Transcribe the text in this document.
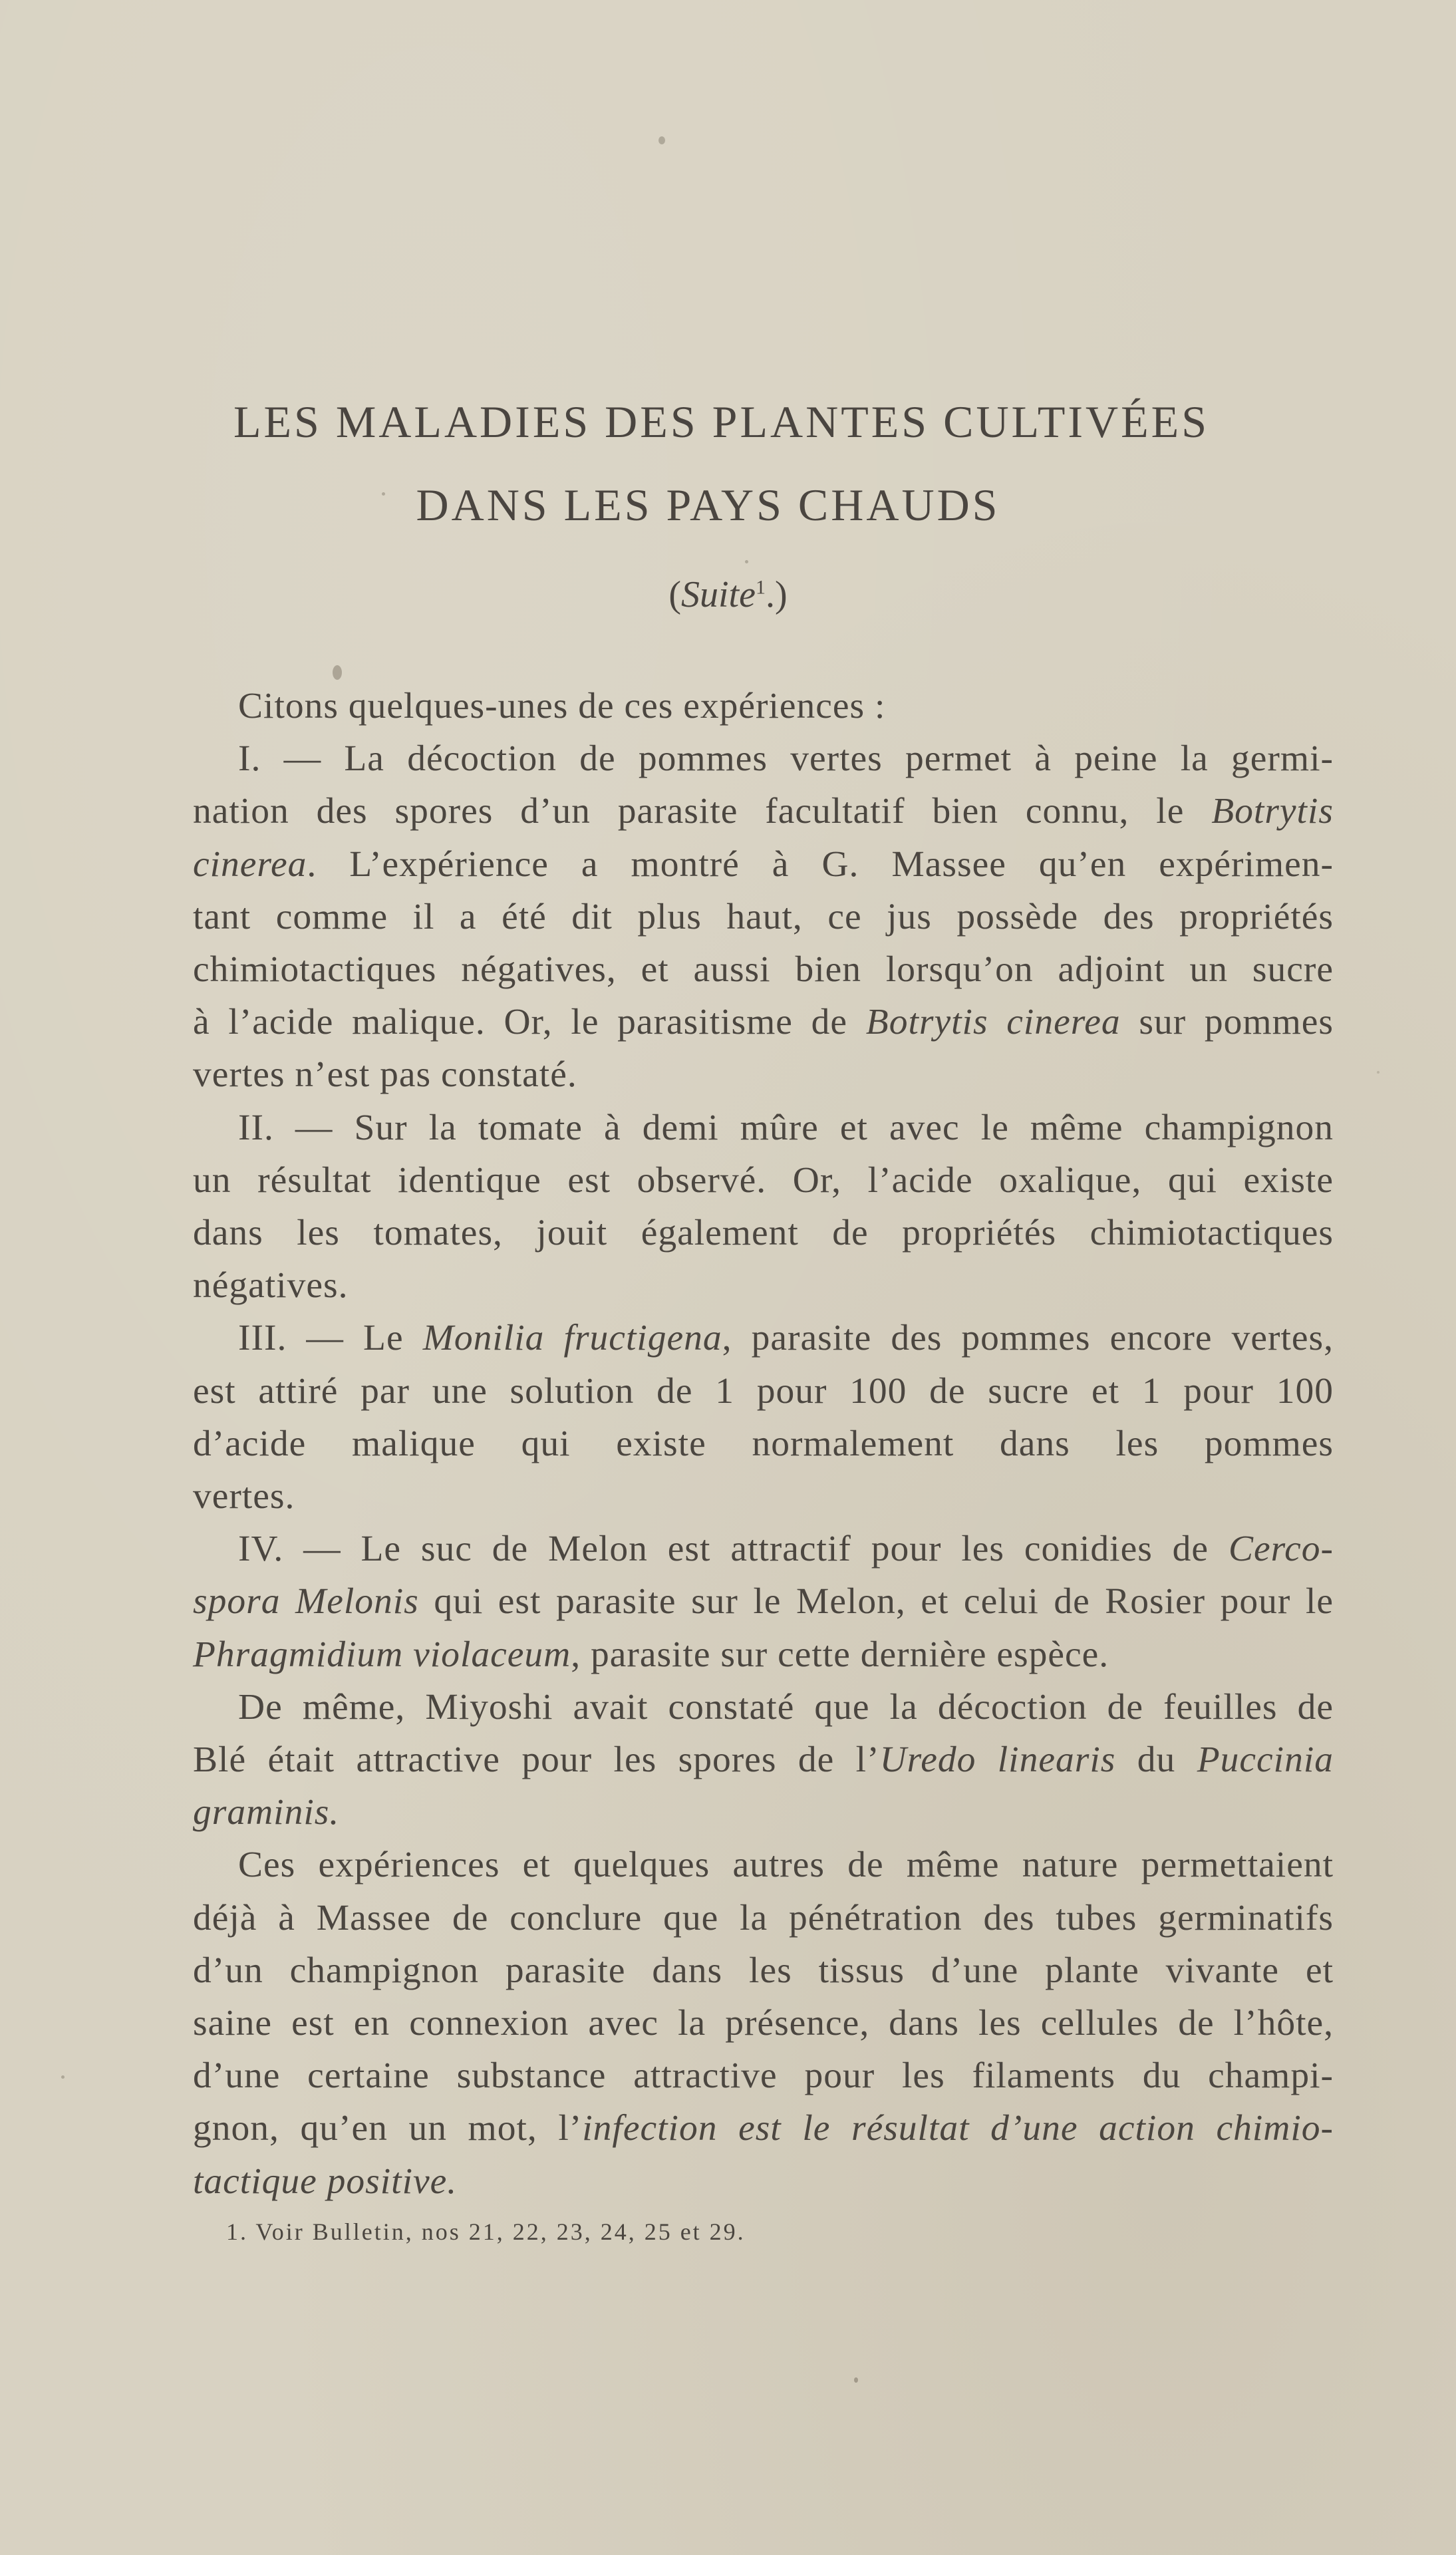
LES MALADIES DES PLANTES CULTIVÉES
DANS LES PAYS CHAUDS
(Suite$^1$.)
Citons quelques-unes de ces expériences :
I. — La décoction de pommes vertes permet à peine la germi-
nation des spores d’un parasite facultatif bien connu, le Botrytis
cinerea. L’expérience a montré à G. Massee qu’en expérimen-
tant comme il a été dit plus haut, ce jus possède des propriétés
chimiotactiques négatives, et aussi bien lorsqu’on adjoint un sucre
à l’acide malique. Or, le parasitisme de Botrytis cinerea sur pommes
vertes n’est pas constaté.
II. — Sur la tomate à demi mûre et avec le même champignon
un résultat identique est observé. Or, l’acide oxalique, qui existe
dans les tomates, jouit également de propriétés chimiotactiques
négatives.
III. — Le Monilia fructigena, parasite des pommes encore vertes,
est attiré par une solution de 1 pour 100 de sucre et 1 pour 100
d’acide malique qui existe normalement dans les pommes
vertes.
IV. — Le suc de Melon est attractif pour les conidies de Cerco-
spora Melonis qui est parasite sur le Melon, et celui de Rosier pour le
Phragmidium violaceum, parasite sur cette dernière espèce.
De même, Miyoshi avait constaté que la décoction de feuilles de
Blé était attractive pour les spores de l’Uredo linearis du Puccinia
graminis.
Ces expériences et quelques autres de même nature permettaient
déjà à Massee de conclure que la pénétration des tubes germinatifs
d’un champignon parasite dans les tissus d’une plante vivante et
saine est en connexion avec la présence, dans les cellules de l’hôte,
d’une certaine substance attractive pour les filaments du champi-
gnon, qu’en un mot, l’infection est le résultat d’une action chimio-
tactique positive.
1. Voir Bulletin, nos 21, 22, 23, 24, 25 et 29.
